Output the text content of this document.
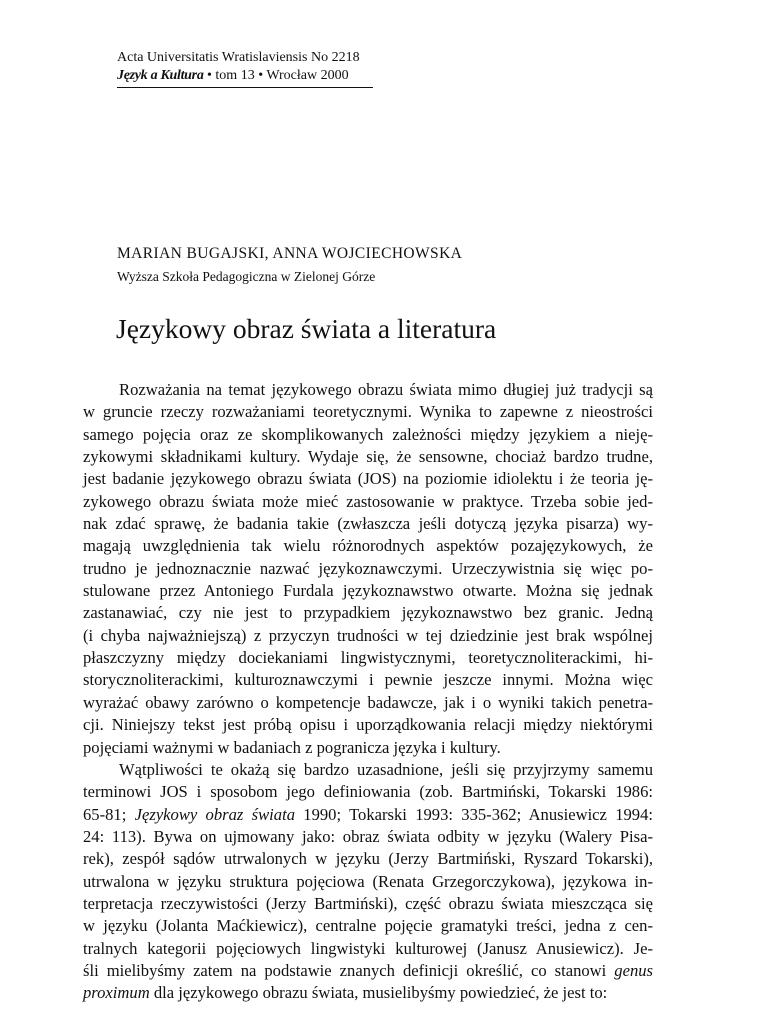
Acta Universitatis Wratislaviensis No 2218
Język a Kultura • tom 13 • Wrocław 2000
MARIAN BUGAJSKI, ANNA WOJCIECHOWSKA
Wyższa Szkoła Pedagogiczna w Zielonej Górze
Językowy obraz świata a literatura
Rozważania na temat językowego obrazu świata mimo długiej już tradycji są
w gruncie rzeczy rozważaniami teoretycznymi. Wynika to zapewne z nieostrości
samego pojęcia oraz ze skomplikowanych zależności między językiem a nieję-
zykowymi składnikami kultury. Wydaje się, że sensowne, chociaż bardzo trudne,
jest badanie językowego obrazu świata (JOS) na poziomie idiolektu i że teoria ję-
zykowego obrazu świata może mieć zastosowanie w praktyce. Trzeba sobie jed-
nak zdać sprawę, że badania takie (zwłaszcza jeśli dotyczą języka pisarza) wy-
magają uwzględnienia tak wielu różnorodnych aspektów pozajęzykowych, że
trudno je jednoznacznie nazwać językoznawczymi. Urzeczywistnia się więc po-
stulowane przez Antoniego Furdala językoznawstwo otwarte. Można się jednak
zastanawiać, czy nie jest to przypadkiem językoznawstwo bez granic. Jedną
(i chyba najważniejszą) z przyczyn trudności w tej dziedzinie jest brak wspólnej
płaszczyzny między dociekaniami lingwistycznymi, teoretycznoliterackimi, hi-
storycznoliterackimi, kulturoznawczymi i pewnie jeszcze innymi. Można więc
wyrażać obawy zarówno o kompetencje badawcze, jak i o wyniki takich penetra-
cji. Niniejszy tekst jest próbą opisu i uporządkowania relacji między niektórymi
pojęciami ważnymi w badaniach z pogranicza języka i kultury.
Wątpliwości te okażą się bardzo uzasadnione, jeśli się przyjrzymy samemu
terminowi JOS i sposobom jego definiowania (zob. Bartmiński, Tokarski 1986:
65-81; Językowy obraz świata 1990; Tokarski 1993: 335-362; Anusiewicz 1994:
24: 113). Bywa on ujmowany jako: obraz świata odbity w języku (Walery Pisa-
rek), zespół sądów utrwalonych w języku (Jerzy Bartmiński, Ryszard Tokarski),
utrwalona w języku struktura pojęciowa (Renata Grzegorczykowa), językowa in-
terpretacja rzeczywistości (Jerzy Bartmiński), część obrazu świata mieszcząca się
w języku (Jolanta Maćkiewicz), centralne pojęcie gramatyki treści, jedna z cen-
tralnych kategorii pojęciowych lingwistyki kulturowej (Janusz Anusiewicz). Je-
śli mielibyśmy zatem na podstawie znanych definicji określić, co stanowi genus
proximum dla językowego obrazu świata, musielibyśmy powiedzieć, że jest to:
